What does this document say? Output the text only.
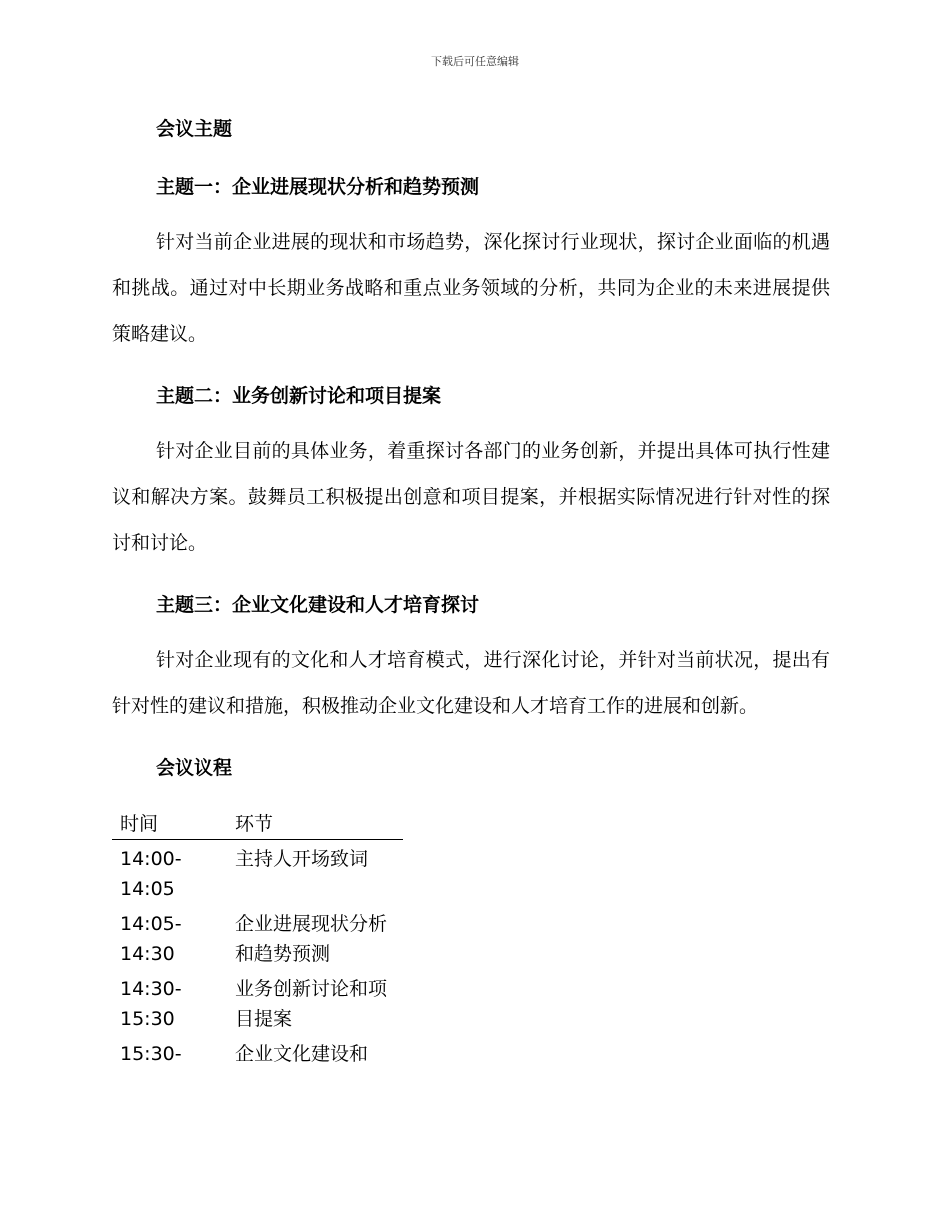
下载后可任意编辑
会议主题
主题一：企业进展现状分析和趋势预测

针对当前企业进展的现状和市场趋势，深化探讨行业现状，探讨企业面临的机遇和挑战。通过对中长期业务战略和重点业务领域的分析，共同为企业的未来进展提供策略建议。

主题二：业务创新讨论和项目提案

针对企业目前的具体业务，着重探讨各部门的业务创新，并提出具体可执行性建议和解决方案。鼓舞员工积极提出创意和项目提案，并根据实际情况进行针对性的探讨和讨论。

主题三：企业文化建设和人才培育探讨

针对企业现有的文化和人才培育模式，进行深化讨论，并针对当前状况，提出有针对性的建议和措施，积极推动企业文化建设和人才培育工作的进展和创新。

会议议程
时间	环节
14:00-14:05	主持人开场致词
14:05-14:30	企业进展现状分析和趋势预测
14:30-15:30	业务创新讨论和项目提案
15:30-	企业文化建设和
